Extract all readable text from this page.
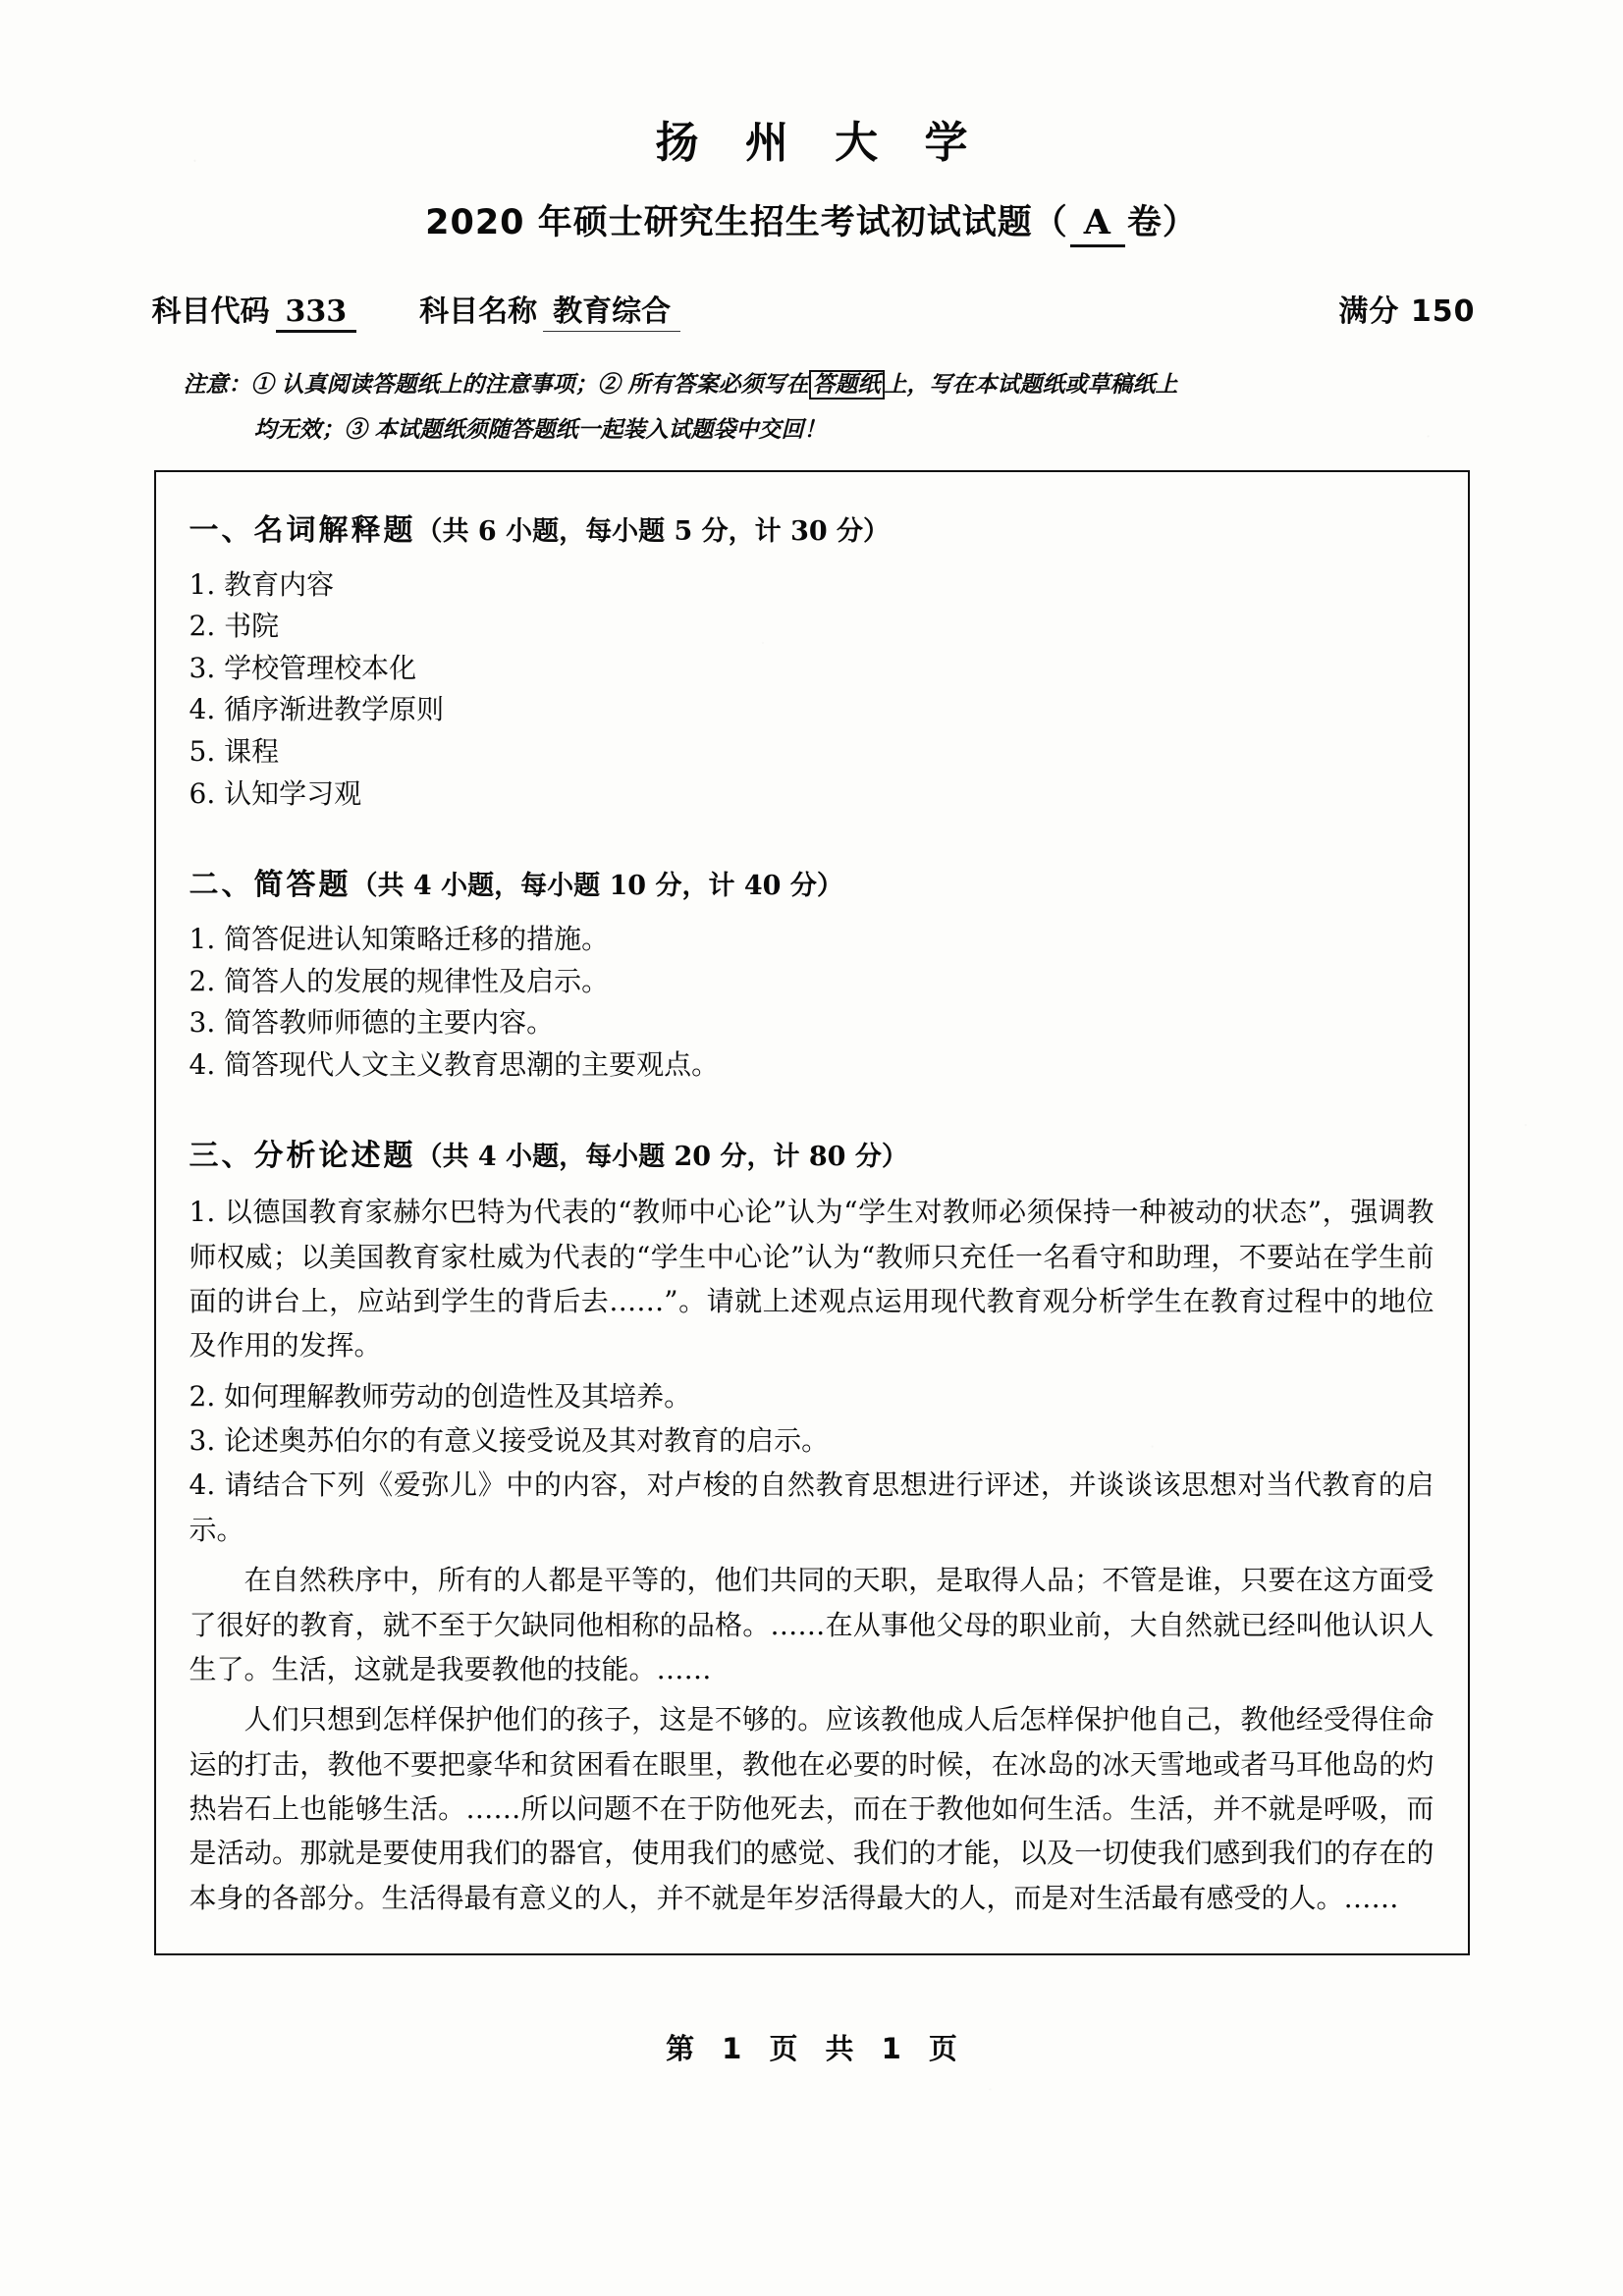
扬 州 大 学
2020 年硕士研究生招生考试初试试题（ A 卷）
科目代码 333	科目名称 教育综合	满分 150
注意：① 认真阅读答题纸上的注意事项；② 所有答案必须写在 答题纸 上，写在本试题纸或草稿纸上
均无效；③ 本试题纸须随答题纸一起装入试题袋中交回！
一、名词解释题（共 6 小题，每小题 5 分，计 30 分）
1. 教育内容
2. 书院
3. 学校管理校本化
4. 循序渐进教学原则
5. 课程
6. 认知学习观
二、简答题（共 4 小题，每小题 10 分，计 40 分）
1. 简答促进认知策略迁移的措施。
2. 简答人的发展的规律性及启示。
3. 简答教师师德的主要内容。
4. 简答现代人文主义教育思潮的主要观点。
三、分析论述题（共 4 小题，每小题 20 分，计 80 分）

1. 以德国教育家赫尔巴特为代表的“教师中心论”认为“学生对教师必须保持一种被动的状态”，强调教师权威；以美国教育家杜威为代表的“学生中心论”认为“教师只充任一名看守和助理，不要站在学生前面的讲台上，应站到学生的背后去……”。请就上述观点运用现代教育观分析学生在教育过程中的地位及作用的发挥。

2. 如何理解教师劳动的创造性及其培养。

3. 论述奥苏伯尔的有意义接受说及其对教育的启示。

4. 请结合下列《爱弥儿》中的内容，对卢梭的自然教育思想进行评述，并谈谈该思想对当代教育的启示。

在自然秩序中，所有的人都是平等的，他们共同的天职，是取得人品；不管是谁，只要在这方面受了很好的教育，就不至于欠缺同他相称的品格。……在从事他父母的职业前，大自然就已经叫他认识人生了。生活，这就是我要教他的技能。……

人们只想到怎样保护他们的孩子，这是不够的。应该教他成人后怎样保护他自己，教他经受得住命运的打击，教他不要把豪华和贫困看在眼里，教他在必要的时候，在冰岛的冰天雪地或者马耳他岛的灼热岩石上也能够生活。……所以问题不在于防他死去，而在于教他如何生活。生活，并不就是呼吸，而是活动。那就是要使用我们的器官，使用我们的感觉、我们的才能，以及一切使我们感到我们的存在的本身的各部分。生活得最有意义的人，并不就是年岁活得最大的人，而是对生活最有感受的人。……

第 1 页 共 1 页
